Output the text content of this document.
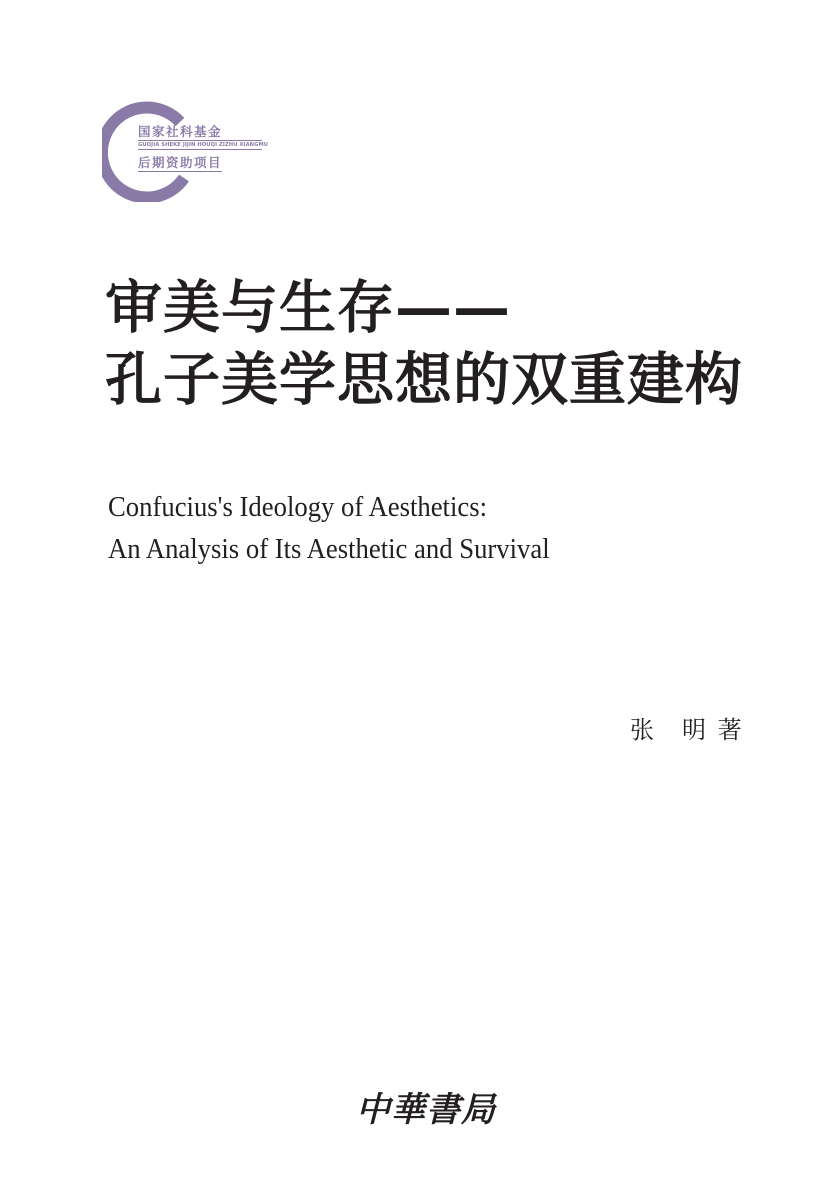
国家社科基金
GUOJIA SHEKE JIJIN HOUQI ZIZHU XIANGMU
后期资助项目
审美与生存——
孔子美学思想的双重建构
Confucius's Ideology of Aesthetics:
An Analysis of Its Aesthetic and Survival
张　明 著
中華書局
